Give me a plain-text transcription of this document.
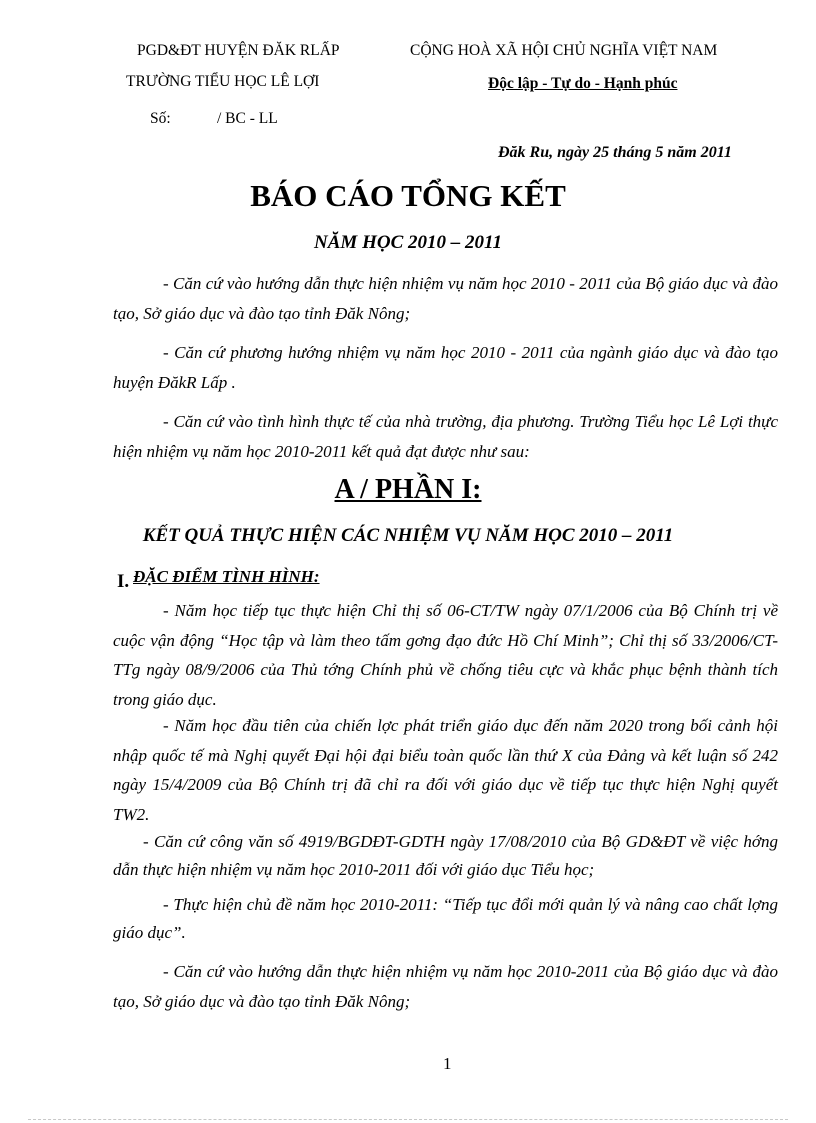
PGD&ĐT HUYỆN ĐĂK RLẤP
TRƯỜNG TIỂU HỌC LÊ LỢI
Số:	/ BC - LL
CỘNG HOÀ XÃ HỘI CHỦ NGHĨA VIỆT NAM
Độc lập - Tự do - Hạnh phúc
Đăk Ru, ngày 25 tháng 5 năm 2011
BÁO CÁO TỔNG KẾT
NĂM HỌC 2010 – 2011
- Căn cứ vào hướng dẫn thực hiện nhiệm vụ năm học 2010 - 2011 của Bộ giáo dục và đào tạo, Sở giáo dục và đào tạo tỉnh Đăk Nông;
- Căn cứ phương hướng nhiệm vụ năm học 2010 - 2011 của ngành giáo dục và đào tạo huyện ĐăkR Lấp .
- Căn cứ vào tình hình thực tế của nhà trường, địa phương. Trường Tiểu học Lê Lợi thực hiện nhiệm vụ năm học 2010-2011 kết quả đạt được như sau:
A / PHẦN I:
KẾT QUẢ THỰC HIỆN CÁC NHIỆM VỤ NĂM HỌC 2010 – 2011
I. ĐẶC ĐIỂM TÌNH HÌNH:
- Năm học tiếp tục thực hiện Chỉ thị số 06-CT/TW ngày 07/1/2006 của Bộ Chính trị về cuộc vận động “Học tập và làm theo tấm gơng đạo đức Hồ Chí Minh”; Chỉ thị số 33/2006/CT-TTg ngày 08/9/2006 của Thủ tớng Chính phủ về chống tiêu cực và khắc phục bệnh thành tích trong giáo dục.
- Năm học đầu tiên của chiến lợc phát triển giáo dục đến năm 2020 trong bối cảnh hội nhập quốc tế mà Nghị quyết Đại hội đại biểu toàn quốc lần thứ X của Đảng và kết luận số 242 ngày 15/4/2009 của Bộ Chính trị đã chỉ ra đối với giáo dục về tiếp tục thực hiện Nghị quyết TW2.
- Căn cứ công văn số 4919/BGDĐT-GDTH ngày 17/08/2010 của Bộ GD&ĐT về việc hớng dẫn thực hiện nhiệm vụ năm học 2010-2011 đối với giáo dục Tiểu học;
- Thực hiện chủ đề năm học 2010-2011: “Tiếp tục đổi mới quản lý và nâng cao chất lợng giáo dục”.
- Căn cứ vào hướng dẫn thực hiện nhiệm vụ năm học 2010-2011 của Bộ giáo dục và đào tạo, Sở giáo dục và đào tạo tỉnh Đăk Nông;
1
